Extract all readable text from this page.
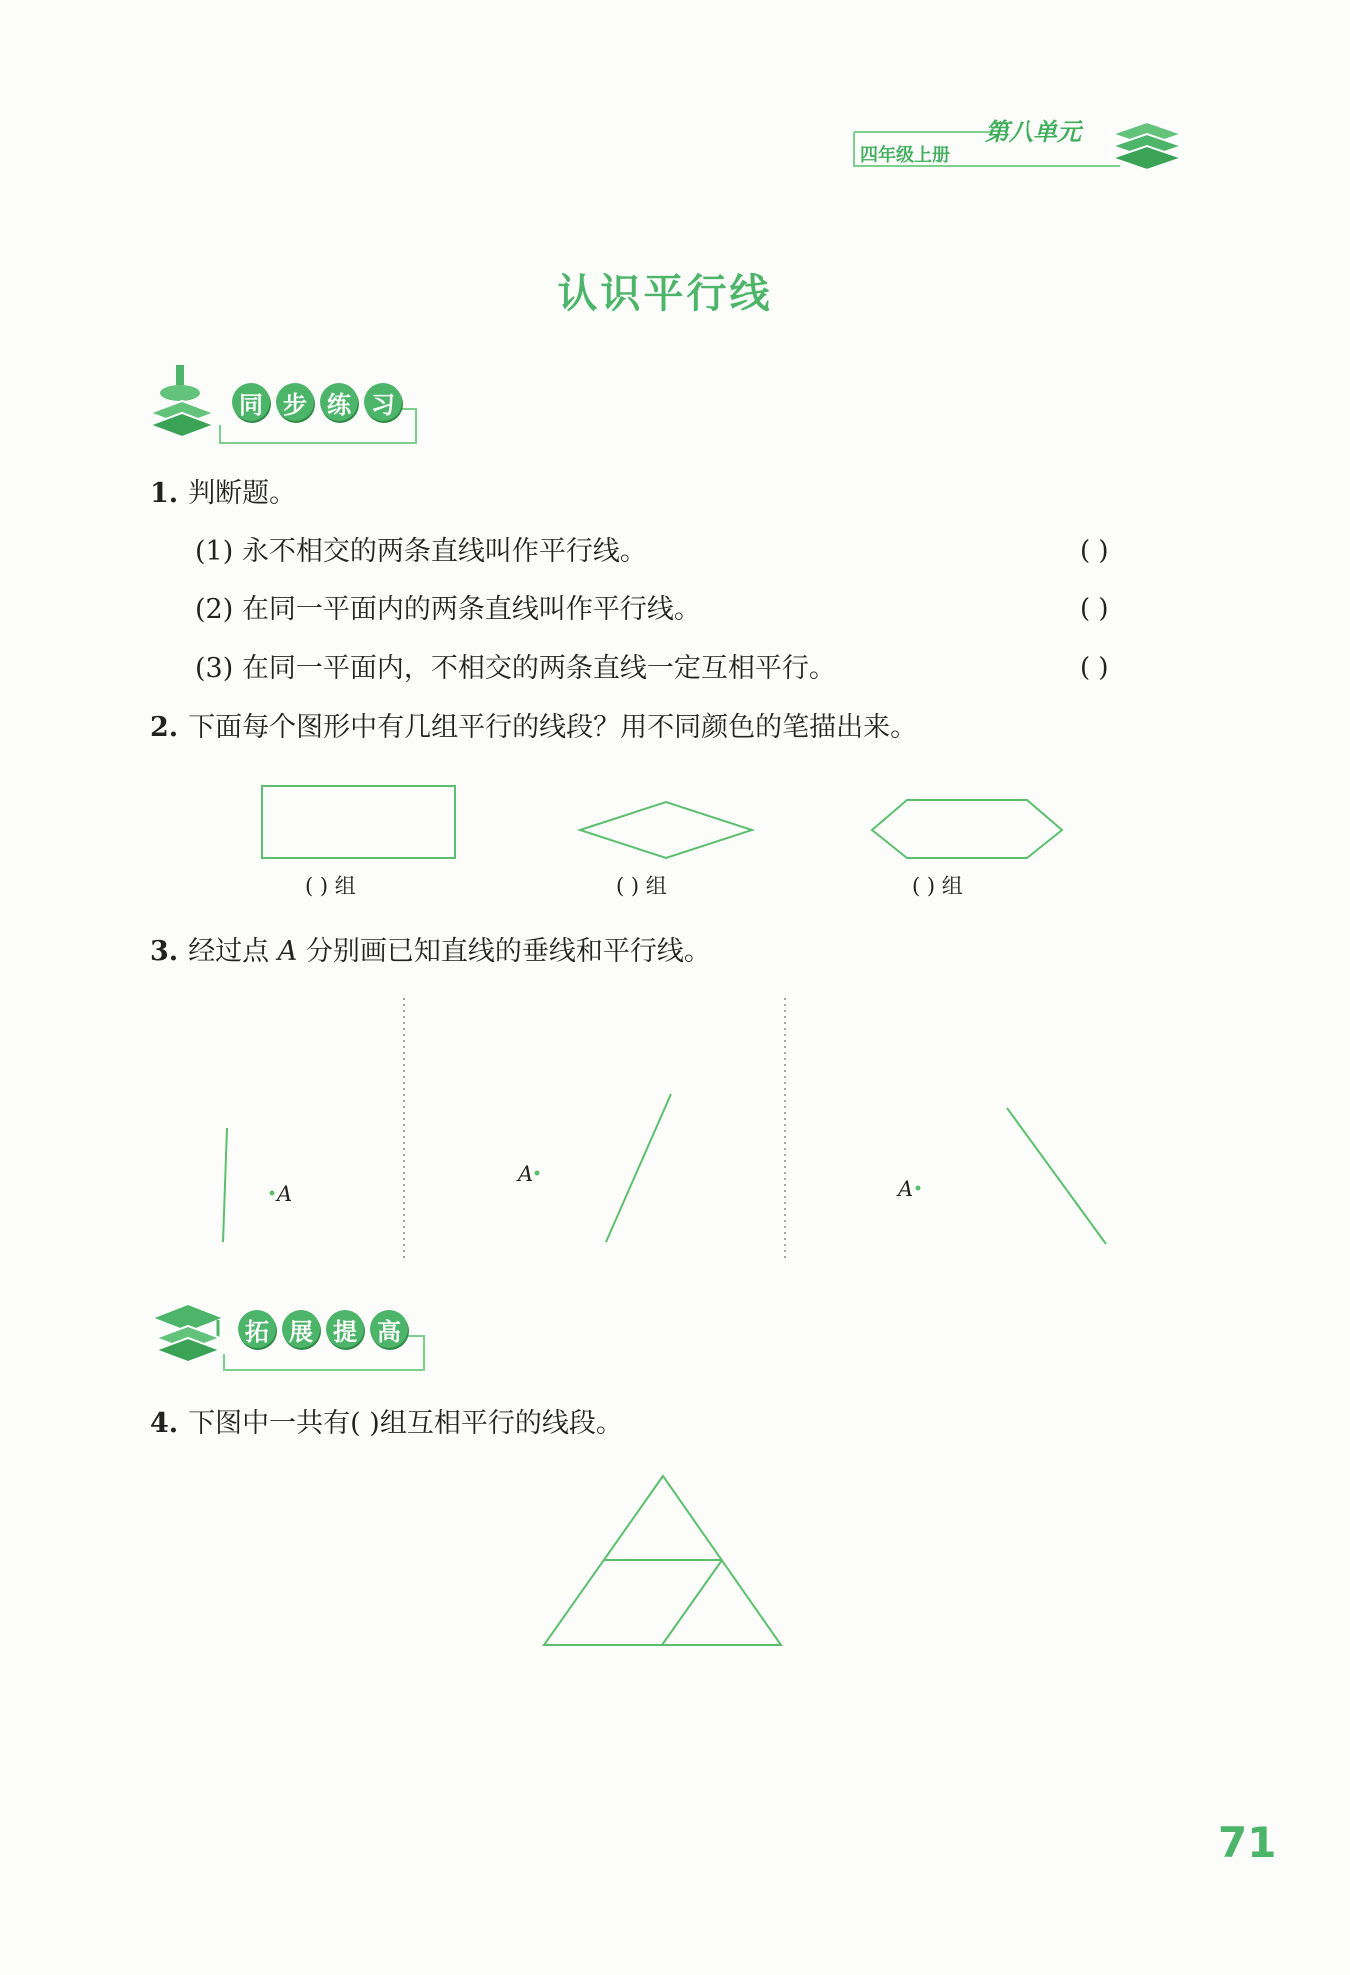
第八单元
四年级上册
认识平行线
同 步 练 习
1. 判断题。
(1) 永不相交的两条直线叫作平行线。	( )
(2) 在同一平面内的两条直线叫作平行线。	( )
(3) 在同一平面内，不相交的两条直线一定互相平行。	( )
2. 下面每个图形中有几组平行的线段？用不同颜色的笔描出来。
( ) 组	( ) 组	( ) 组
3. 经过点 A 分别画已知直线的垂线和平行线。
A
A
A
拓 展 提 高
4. 下图中一共有( )组互相平行的线段。
71
